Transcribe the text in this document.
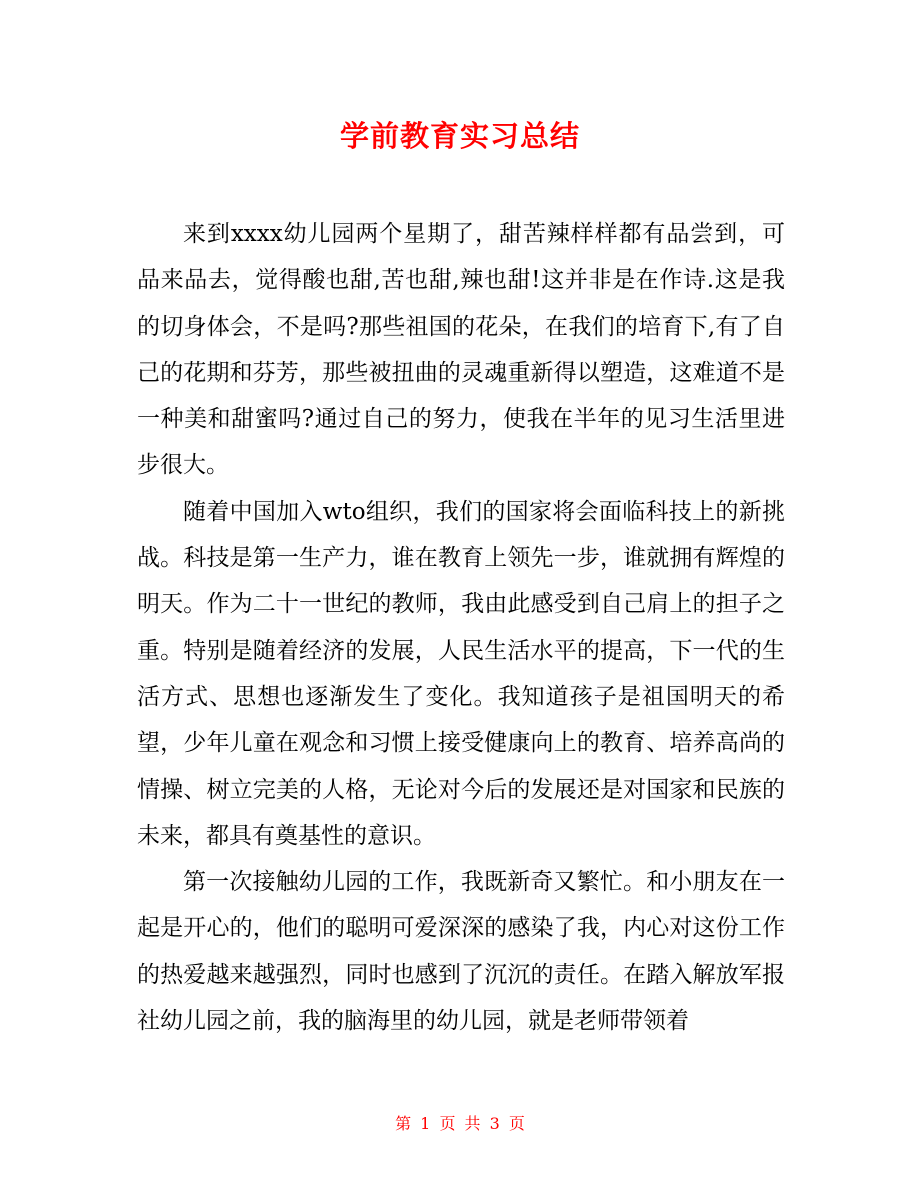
学前教育实习总结

来到xxxx幼儿园两个星期了，甜苦辣样样都有品尝到，可品来品去，觉得酸也甜,苦也甜,辣也甜!这并非是在作诗.这是我的切身体会，不是吗?那些祖国的花朵，在我们的培育下,有了自己的花期和芬芳，那些被扭曲的灵魂重新得以塑造，这难道不是一种美和甜蜜吗?通过自己的努力，使我在半年的见习生活里进步很大。

随着中国加入wto组织，我们的国家将会面临科技上的新挑战。科技是第一生产力，谁在教育上领先一步，谁就拥有辉煌的明天。作为二十一世纪的教师，我由此感受到自己肩上的担子之重。特别是随着经济的发展，人民生活水平的提高，下一代的生活方式、思想也逐渐发生了变化。我知道孩子是祖国明天的希望，少年儿童在观念和习惯上接受健康向上的教育、培养高尚的情操、树立完美的人格，无论对今后的发展还是对国家和民族的未来，都具有奠基性的意识。

第一次接触幼儿园的工作，我既新奇又繁忙。和小朋友在一起是开心的，他们的聪明可爱深深的感染了我，内心对这份工作的热爱越来越强烈，同时也感到了沉沉的责任。在踏入解放军报社幼儿园之前，我的脑海里的幼儿园，就是老师带领着

第 1 页 共 3 页
